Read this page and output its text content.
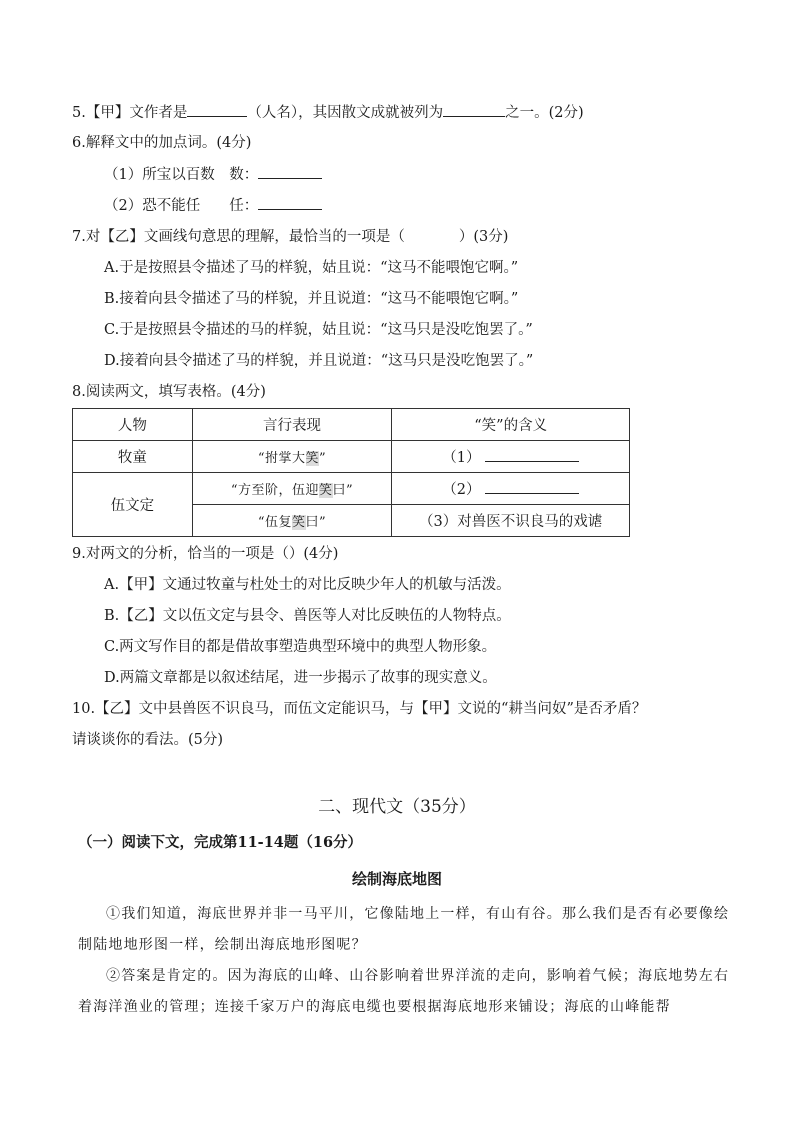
5.【甲】文作者是	（人名），其因散文成就被列为	之一。(2分)
6.解释文中的加点词。(4分)
（1）所宝以百数　数：
（2）恐不能任　　任：
7.对【乙】文画线句意思的理解，最恰当的一项是（	）(3分)
A.于是按照县令描述了马的样貌，姑且说：“这马不能喂饱它啊。”
B.接着向县令描述了马的样貌，并且说道：“这马不能喂饱它啊。”
C.于是按照县令描述的马的样貌，姑且说：“这马只是没吃饱罢了。”
D.接着向县令描述了马的样貌，并且说道：“这马只是没吃饱罢了。”
8.阅读两文，填写表格。(4分)
人物	言行表现	“笑”的含义
牧童	“拊掌大笑”	（1）
伍文定	“方至阶，伍迎笑曰”	（2）
	“伍复笑曰”	（3）对兽医不识良马的戏谑
9.对两文的分析，恰当的一项是（）(4分)
A.【甲】文通过牧童与杜处士的对比反映少年人的机敏与活泼。
B.【乙】文以伍文定与县令、兽医等人对比反映伍的人物特点。
C.两文写作目的都是借故事塑造典型环境中的典型人物形象。
D.两篇文章都是以叙述结尾，进一步揭示了故事的现实意义。
10.【乙】文中县兽医不识良马，而伍文定能识马，与【甲】文说的“耕当问奴”是否矛盾？
请谈谈你的看法。(5分)
二、现代文（35分）
（一）阅读下文，完成第11-14题（16分）
绘制海底地图
①我们知道，海底世界并非一马平川，它像陆地上一样，有山有谷。那么我们是否有必要像绘制陆地地形图一样，绘制出海底地形图呢？
②答案是肯定的。因为海底的山峰、山谷影响着世界洋流的走向，影响着气候；海底地势左右着海洋渔业的管理；连接千家万户的海底电缆也要根据海底地形来铺设；海底的山峰能帮
